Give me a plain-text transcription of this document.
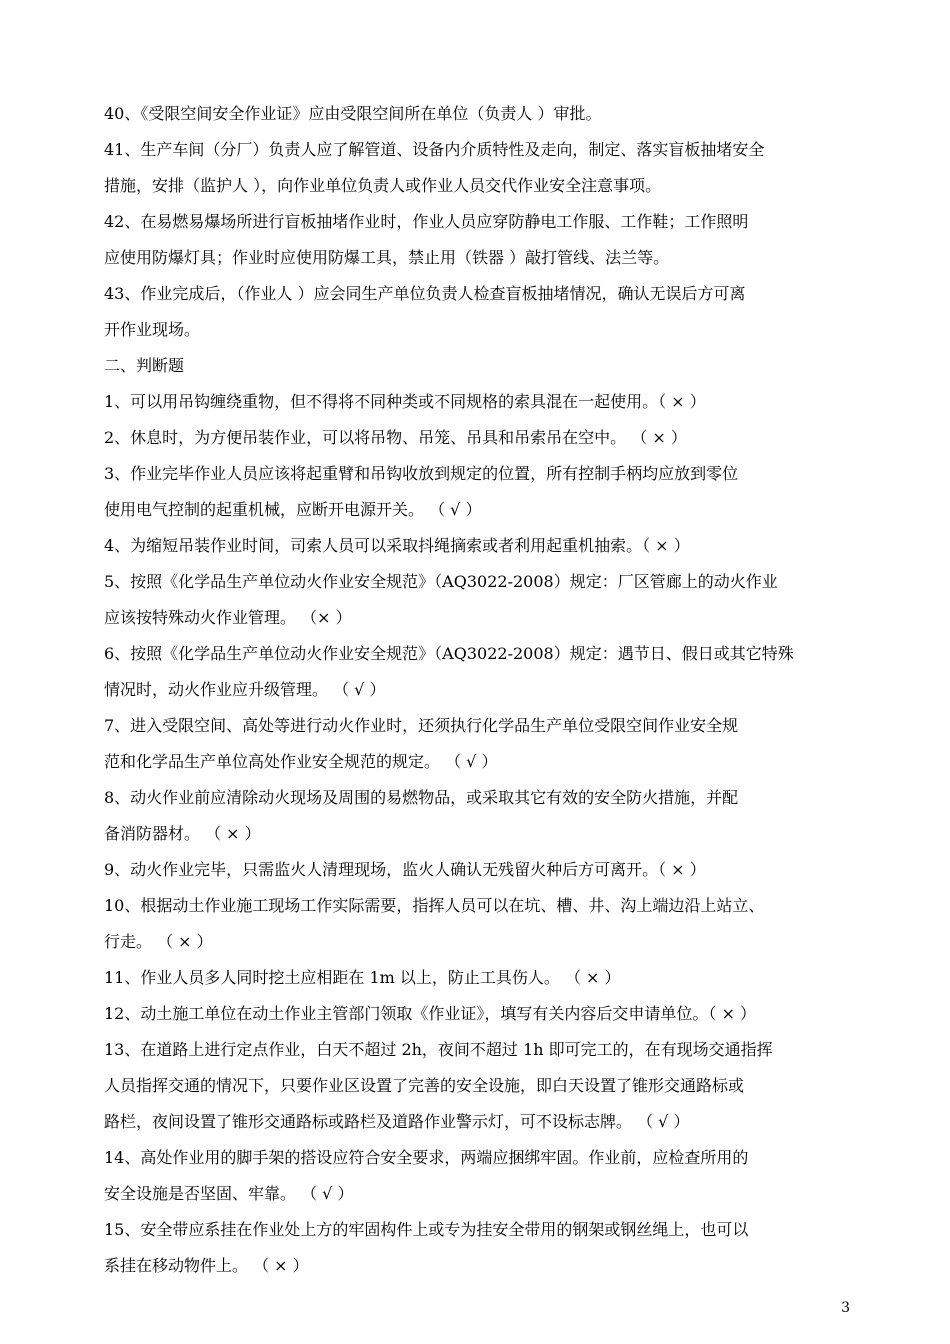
40、《受限空间安全作业证》应由受限空间所在单位（负责人 ）审批。

41、生产车间（分厂）负责人应了解管道、设备内介质特性及走向，制定、落实盲板抽堵安全
措施，安排（监护人 ），向作业单位负责人或作业人员交代作业安全注意事项。

42、在易燃易爆场所进行盲板抽堵作业时，作业人员应穿防静电工作服、工作鞋；工作照明
应使用防爆灯具；作业时应使用防爆工具，禁止用（铁器 ）敲打管线、法兰等。

43、作业完成后，（作业人 ）应会同生产单位负责人检查盲板抽堵情况，确认无误后方可离
开作业现场。

二、判断题

1、可以用吊钩缠绕重物，但不得将不同种类或不同规格的索具混在一起使用。（ × ）

2、休息时，为方便吊装作业，可以将吊物、吊笼、吊具和吊索吊在空中。 （ × ）

3、作业完毕作业人员应该将起重臂和吊钩收放到规定的位置，所有控制手柄均应放到零位
使用电气控制的起重机械，应断开电源开关。 （ √ ）

4、为缩短吊装作业时间，司索人员可以采取抖绳摘索或者利用起重机抽索。（ × ）

5、按照《化学品生产单位动火作业安全规范》（AQ3022-2008）规定：厂区管廊上的动火作业
应该按特殊动火作业管理。 （× ）

6、按照《化学品生产单位动火作业安全规范》（AQ3022-2008）规定：遇节日、假日或其它特殊
情况时，动火作业应升级管理。 （ √ ）

7、进入受限空间、高处等进行动火作业时，还须执行化学品生产单位受限空间作业安全规
范和化学品生产单位高处作业安全规范的规定。 （ √ ）

8、动火作业前应清除动火现场及周围的易燃物品，或采取其它有效的安全防火措施，并配
备消防器材。 （ × ）

9、动火作业完毕，只需监火人清理现场，监火人确认无残留火种后方可离开。（ × ）

10、根据动土作业施工现场工作实际需要，指挥人员可以在坑、槽、井、沟上端边沿上站立、
行走。 （ × ）

11、作业人员多人同时挖土应相距在 1m 以上，防止工具伤人。 （ × ）

12、动土施工单位在动土作业主管部门领取《作业证》，填写有关内容后交申请单位。（ × ）

13、在道路上进行定点作业，白天不超过 2h，夜间不超过 1h 即可完工的，在有现场交通指挥
人员指挥交通的情况下，只要作业区设置了完善的安全设施，即白天设置了锥形交通路标或
路栏，夜间设置了锥形交通路标或路栏及道路作业警示灯，可不设标志牌。 （ √ ）

14、高处作业用的脚手架的搭设应符合安全要求，两端应捆绑牢固。作业前，应检查所用的
安全设施是否坚固、牢靠。 （ √ ）

15、安全带应系挂在作业处上方的牢固构件上或专为挂安全带用的钢架或钢丝绳上，也可以
系挂在移动物件上。 （ × ）

3
